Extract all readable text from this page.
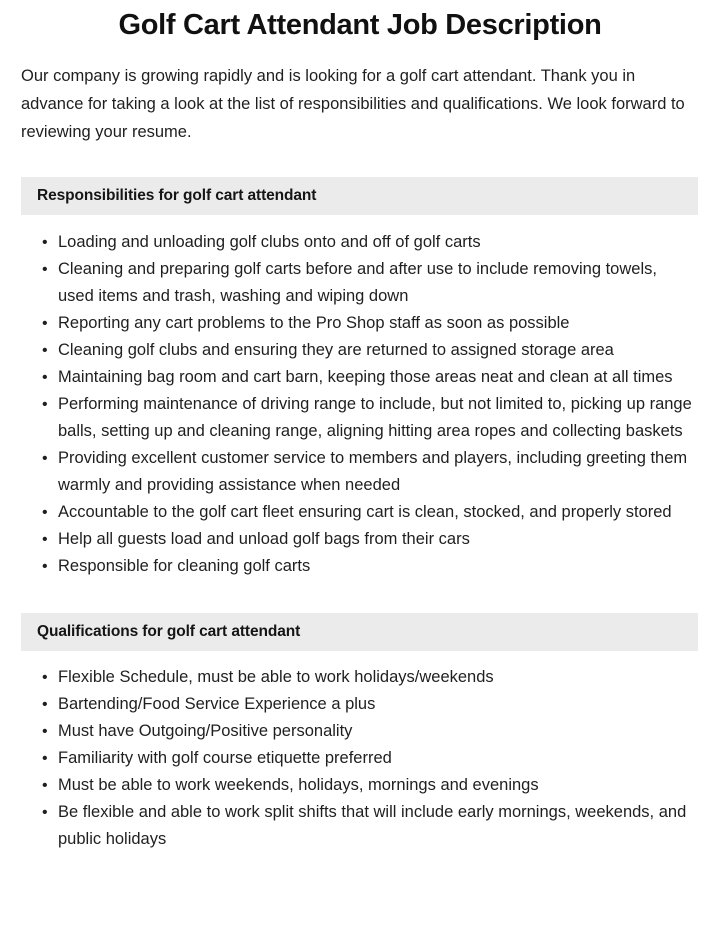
Golf Cart Attendant Job Description

Our company is growing rapidly and is looking for a golf cart attendant. Thank you in advance for taking a look at the list of responsibilities and qualifications. We look forward to reviewing your resume.

Responsibilities for golf cart attendant
• Loading and unloading golf clubs onto and off of golf carts
• Cleaning and preparing golf carts before and after use to include removing towels, used items and trash, washing and wiping down
• Reporting any cart problems to the Pro Shop staff as soon as possible
• Cleaning golf clubs and ensuring they are returned to assigned storage area
• Maintaining bag room and cart barn, keeping those areas neat and clean at all times
• Performing maintenance of driving range to include, but not limited to, picking up range balls, setting up and cleaning range, aligning hitting area ropes and collecting baskets
• Providing excellent customer service to members and players, including greeting them warmly and providing assistance when needed
• Accountable to the golf cart fleet ensuring cart is clean, stocked, and properly stored
• Help all guests load and unload golf bags from their cars
• Responsible for cleaning golf carts
Qualifications for golf cart attendant
• Flexible Schedule, must be able to work holidays/weekends
• Bartending/Food Service Experience a plus
• Must have Outgoing/Positive personality
• Familiarity with golf course etiquette preferred
• Must be able to work weekends, holidays, mornings and evenings
• Be flexible and able to work split shifts that will include early mornings, weekends, and public holidays
